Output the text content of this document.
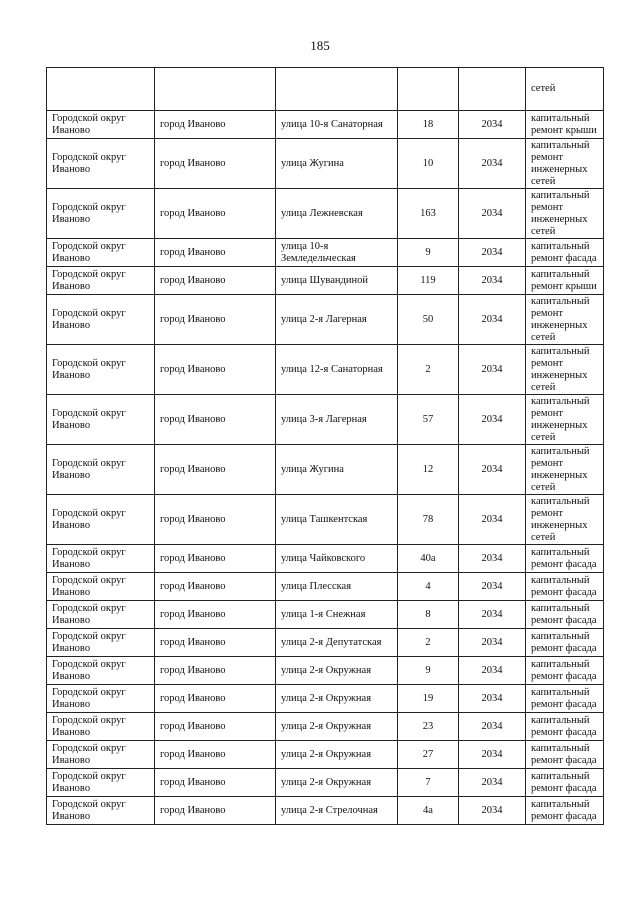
185
					сетей
Городской округ Иваново	город Иваново	улица 10-я Санаторная	18	2034	капитальный ремонт крыши
Городской округ Иваново	город Иваново	улица Жугина	10	2034	капитальный ремонт инженерных сетей
Городской округ Иваново	город Иваново	улица Лежневская	163	2034	капитальный ремонт инженерных сетей
Городской округ Иваново	город Иваново	улица 10-я Земледельческая	9	2034	капитальный ремонт фасада
Городской округ Иваново	город Иваново	улица Шувандиной	119	2034	капитальный ремонт крыши
Городской округ Иваново	город Иваново	улица 2-я Лагерная	50	2034	капитальный ремонт инженерных сетей
Городской округ Иваново	город Иваново	улица 12-я Санаторная	2	2034	капитальный ремонт инженерных сетей
Городской округ Иваново	город Иваново	улица 3-я Лагерная	57	2034	капитальный ремонт инженерных сетей
Городской округ Иваново	город Иваново	улица Жугина	12	2034	капитальный ремонт инженерных сетей
Городской округ Иваново	город Иваново	улица Ташкентская	78	2034	капитальный ремонт инженерных сетей
Городской округ Иваново	город Иваново	улица Чайковского	40а	2034	капитальный ремонт фасада
Городской округ Иваново	город Иваново	улица Плесская	4	2034	капитальный ремонт фасада
Городской округ Иваново	город Иваново	улица 1-я Снежная	8	2034	капитальный ремонт фасада
Городской округ Иваново	город Иваново	улица 2-я Депутатская	2	2034	капитальный ремонт фасада
Городской округ Иваново	город Иваново	улица 2-я Окружная	9	2034	капитальный ремонт фасада
Городской округ Иваново	город Иваново	улица 2-я Окружная	19	2034	капитальный ремонт фасада
Городской округ Иваново	город Иваново	улица 2-я Окружная	23	2034	капитальный ремонт фасада
Городской округ Иваново	город Иваново	улица 2-я Окружная	27	2034	капитальный ремонт фасада
Городской округ Иваново	город Иваново	улица 2-я Окружная	7	2034	капитальный ремонт фасада
Городской округ Иваново	город Иваново	улица 2-я Стрелочная	4а	2034	капитальный ремонт фасада
